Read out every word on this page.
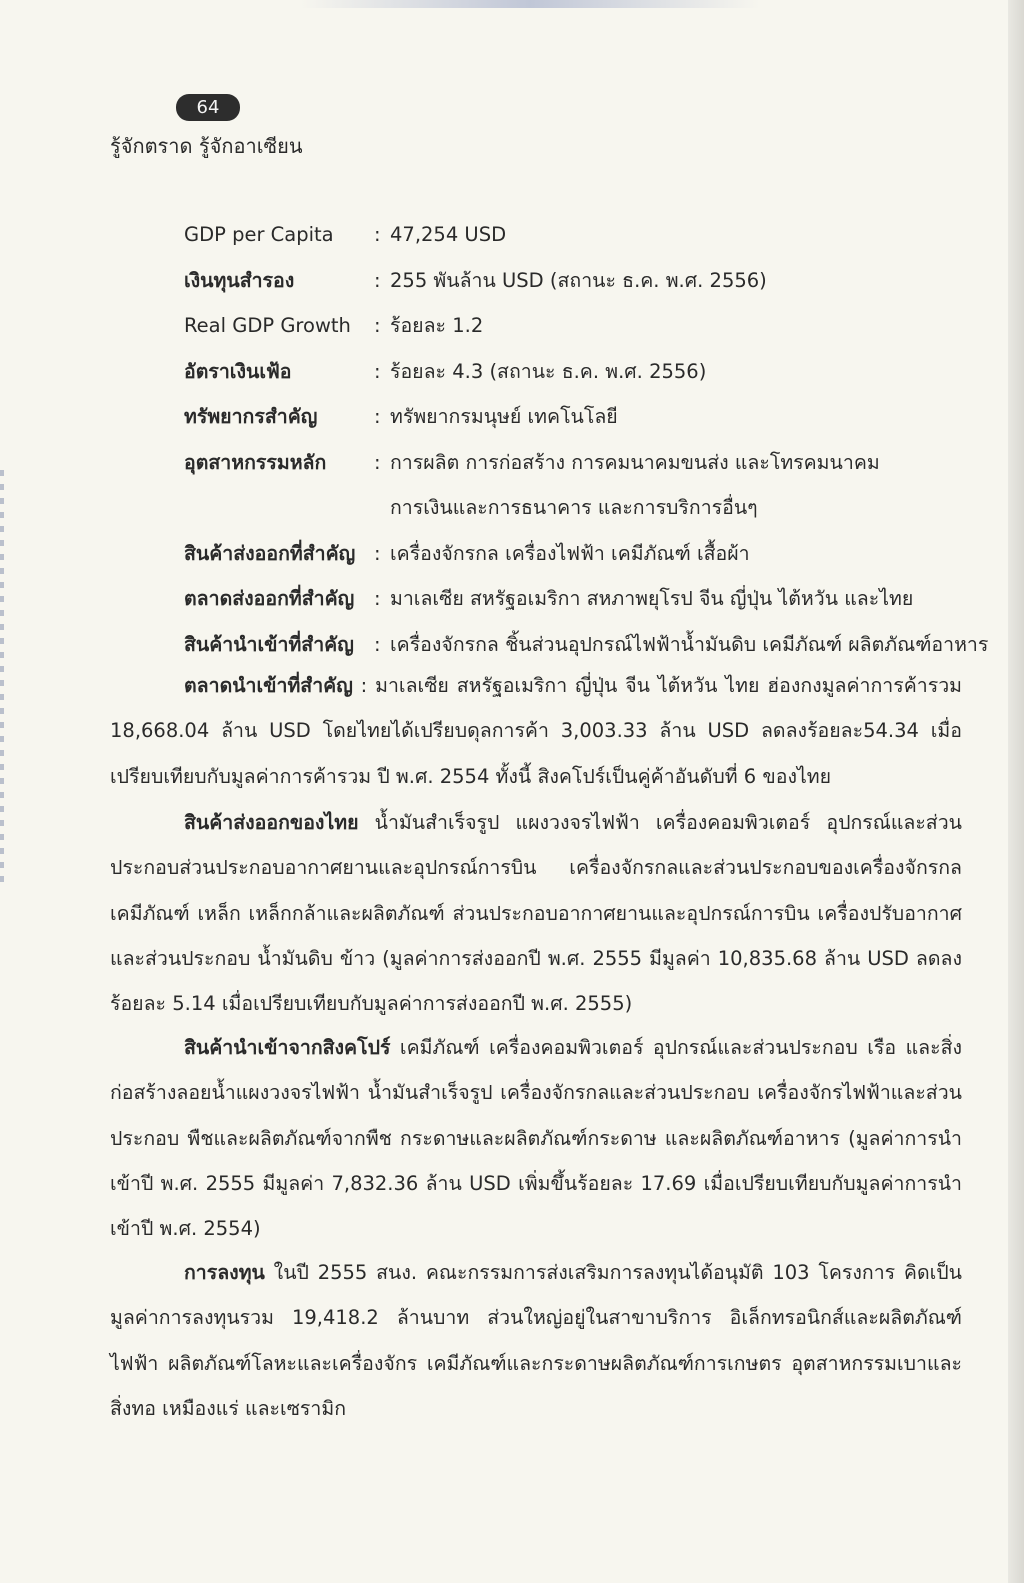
64
รู้จักตราด รู้จักอาเซียน
GDP per Capita : 47,254 USD
เงินทุนสำรอง	: 255 พันล้าน USD (สถานะ ธ.ค. พ.ศ. 2556)
Real GDP Growth : ร้อยละ 1.2
อัตราเงินเฟ้อ	: ร้อยละ 4.3 (สถานะ ธ.ค. พ.ศ. 2556)
ทรัพยากรสำคัญ	: ทรัพยากรมนุษย์ เทคโนโลยี
อุตสาหกรรมหลัก : การผลิต การก่อสร้าง การคมนาคมขนส่ง และโทรคมนาคม
การเงินและการธนาคาร และการบริการอื่นๆ
สินค้าส่งออกที่สำคัญ : เครื่องจักรกล เครื่องไฟฟ้า เคมีภัณฑ์ เสื้อผ้า
ตลาดส่งออกที่สำคัญ : มาเลเซีย สหรัฐอเมริกา สหภาพยุโรป จีน ญี่ปุ่น ไต้หวัน และไทย
สินค้านำเข้าที่สำคัญ : เครื่องจักรกล ชิ้นส่วนอุปกรณ์ไฟฟ้าน้ำมันดิบ เคมีภัณฑ์ ผลิตภัณฑ์อาหาร

ตลาดนำเข้าที่สำคัญ : มาเลเซีย สหรัฐอเมริกา ญี่ปุ่น จีน ไต้หวัน ไทย ฮ่องกงมูลค่าการค้ารวม 18,668.04 ล้าน USD โดยไทยได้เปรียบดุลการค้า 3,003.33 ล้าน USD ลดลงร้อยละ54.34 เมื่อเปรียบเทียบกับมูลค่าการค้ารวม ปี พ.ศ. 2554 ทั้งนี้ สิงคโปร์เป็นคู่ค้าอันดับที่ 6 ของไทย

สินค้าส่งออกของไทย น้ำมันสำเร็จรูป แผงวงจรไฟฟ้า เครื่องคอมพิวเตอร์ อุปกรณ์และส่วนประกอบส่วนประกอบอากาศยานและอุปกรณ์การบิน เครื่องจักรกลและส่วนประกอบของเครื่องจักรกล เคมีภัณฑ์ เหล็ก เหล็กกล้าและผลิตภัณฑ์ ส่วนประกอบอากาศยานและอุปกรณ์การบิน เครื่องปรับอากาศและส่วนประกอบ น้ำมันดิบ ข้าว (มูลค่าการส่งออกปี พ.ศ. 2555 มีมูลค่า 10,835.68 ล้าน USD ลดลงร้อยละ 5.14 เมื่อเปรียบเทียบกับมูลค่าการส่งออกปี พ.ศ. 2555)

สินค้านำเข้าจากสิงคโปร์ เคมีภัณฑ์ เครื่องคอมพิวเตอร์ อุปกรณ์และส่วนประกอบ เรือ และสิ่งก่อสร้างลอยน้ำแผงวงจรไฟฟ้า น้ำมันสำเร็จรูป เครื่องจักรกลและส่วนประกอบ เครื่องจักรไฟฟ้าและส่วนประกอบ พืชและผลิตภัณฑ์จากพืช กระดาษและผลิตภัณฑ์กระดาษ และผลิตภัณฑ์อาหาร (มูลค่าการนำเข้าปี พ.ศ. 2555 มีมูลค่า 7,832.36 ล้าน USD เพิ่มขึ้นร้อยละ 17.69 เมื่อเปรียบเทียบกับมูลค่าการนำเข้าปี พ.ศ. 2554)

การลงทุน ในปี 2555 สนง. คณะกรรมการส่งเสริมการลงทุนได้อนุมัติ 103 โครงการ คิดเป็นมูลค่าการลงทุนรวม 19,418.2 ล้านบาท ส่วนใหญ่อยู่ในสาขาบริการ อิเล็กทรอนิกส์และผลิตภัณฑ์ไฟฟ้า ผลิตภัณฑ์โลหะและเครื่องจักร เคมีภัณฑ์และกระดาษผลิตภัณฑ์การเกษตร อุตสาหกรรมเบาและสิ่งทอ เหมืองแร่ และเซรามิก
